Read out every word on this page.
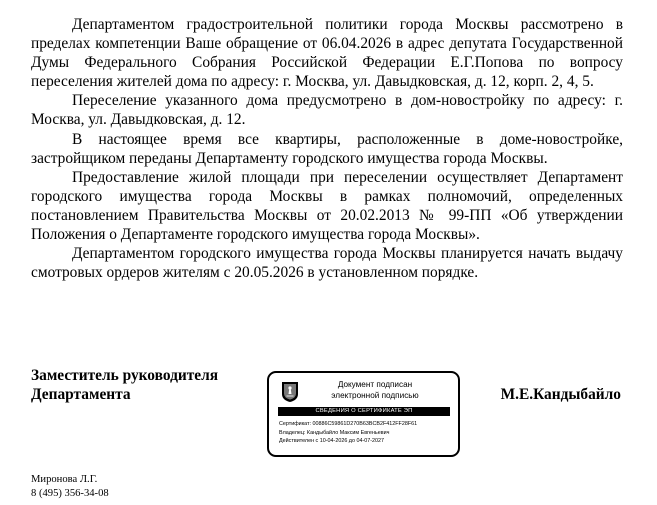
Департаментом градостроительной политики города Москвы рассмотрено в пределах компетенции Ваше обращение от 06.04.2026 в адрес депутата Государственной Думы Федерального Собрания Российской Федерации Е.Г.Попова по вопросу переселения жителей дома по адресу: г. Москва, ул. Давыдковская, д. 12, корп. 2, 4, 5.

Переселение указанного дома предусмотрено в дом-новостройку по адресу: г. Москва, ул. Давыдковская, д. 12.

В настоящее время все квартиры, расположенные в доме-новостройке, застройщиком переданы Департаменту городского имущества города Москвы.

Предоставление жилой площади при переселении осуществляет Департамент городского имущества города Москвы в рамках полномочий, определенных постановлением Правительства Москвы от 20.02.2013 № 99-ПП «Об утверждении Положения о Департаменте городского имущества города Москвы».

Департаментом городского имущества города Москвы планируется начать выдачу смотровых ордеров жителям с 20.05.2026 в установленном порядке.

Заместитель руководителя
Департамента
Документ подписан
электронной подписью
СВЕДЕНИЯ О СЕРТИФИКАТЕ ЭП
Сертификат: 00886C59861D270B63BCB2F412FF28F61
Владелец: Кандыбайло Максим Евгеньевич
Действителен с 10-04-2026 до 04-07-2027
М.Е.Кандыбайло
Миронова Л.Г.
8 (495) 356-34-08
